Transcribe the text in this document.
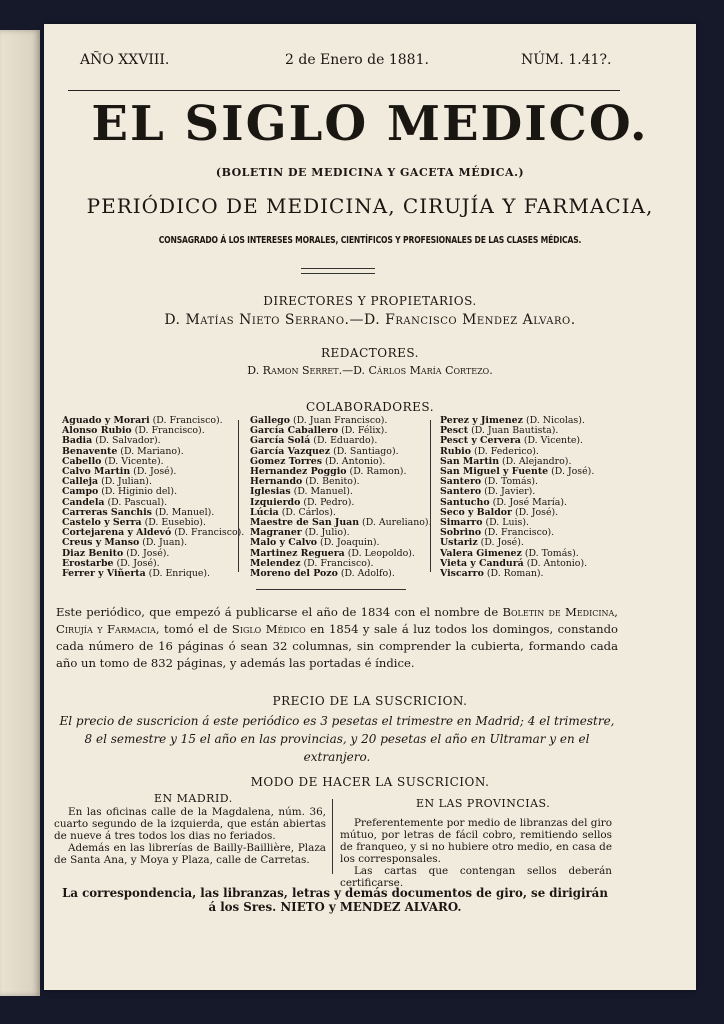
AÑO XXVIII.	2 de Enero de 1881.	NÚM. 1.41?.
EL SIGLO MEDICO.
(BOLETIN DE MEDICINA Y GACETA MÉDICA.)
PERIÓDICO DE MEDICINA, CIRUJÍA Y FARMACIA,
CONSAGRADO Á LOS INTERESES MORALES, CIENTÍFICOS Y PROFESIONALES DE LAS CLASES MÉDICAS.
DIRECTORES Y PROPIETARIOS.
D. Matías Nieto Serrano.—D. Francisco Mendez Alvaro.
REDACTORES.
D. Ramon Serret.—D. Cárlos María Cortezo.
COLABORADORES.
Aguado y Morari (D. Francisco).
Alonso Rubio (D. Francisco).
Badia (D. Salvador).
Benavente (D. Mariano).
Cabello (D. Vicente).
Calvo Martin (D. José).
Calleja (D. Julian).
Campo (D. Higinio del).
Candela (D. Pascual).
Carreras Sanchis (D. Manuel).
Castelo y Serra (D. Eusebio).
Cortejarena y Aldevó (D. Francisco).
Creus y Manso (D. Juan).
Diaz Benito (D. José).
Erostarbe (D. José).
Ferrer y Viñerta (D. Enrique).
Gallego (D. Juan Francisco).
García Caballero (D. Félix).
García Solá (D. Eduardo).
García Vazquez (D. Santiago).
Gomez Torres (D. Antonio).
Hernandez Poggio (D. Ramon).
Hernando (D. Benito).
Iglesias (D. Manuel).
Izquierdo (D. Pedro).
Lúcia (D. Cárlos).
Maestre de San Juan (D. Aureliano).
Magraner (D. Julio).
Malo y Calvo (D. Joaquin).
Martinez Reguera (D. Leopoldo).
Melendez (D. Francisco).
Moreno del Pozo (D. Adolfo).
Perez y Jimenez (D. Nicolas).
Pesct (D. Juan Bautista).
Pesct y Cervera (D. Vicente).
Rubio (D. Federico).
San Martin (D. Alejandro).
San Miguel y Fuente (D. José).
Santero (D. Tomás).
Santero (D. Javier).
Santucho (D. José María).
Seco y Baldor (D. José).
Simarro (D. Luis).
Sobrino (D. Francisco).
Ustariz (D. José).
Valera Gimenez (D. Tomás).
Vieta y Candurá (D. Antonio).
Viscarro (D. Roman).
Este periódico, que empezó á publicarse el año de 1834 con el nombre de Boletin de Medicina, Cirujía y Farmacia, tomó el de Siglo Médico en 1854 y sale á luz todos los domingos, constando cada número de 16 páginas ó sean 32 columnas, sin comprender la cubierta, formando cada año un tomo de 832 páginas, y además las portadas é índice.
PRECIO DE LA SUSCRICION.
El precio de suscricion á este periódico es 3 pesetas el trimestre en Madrid; 4 el trimestre, 8 el semestre y 15 el año en las provincias, y 20 pesetas el año en Ultramar y en el extranjero.
MODO DE HACER LA SUSCRICION.
EN MADRID.	EN LAS PROVINCIAS.
En las oficinas calle de la Magdalena, núm. 36, cuarto segundo de la izquierda, que están abiertas de nueve á tres todos los dias no feriados.
Además en las librerías de Bailly-Baillière, Plaza de Santa Ana, y Moya y Plaza, calle de Carretas.
Preferentemente por medio de libranzas del giro mútuo, por letras de fácil cobro, remitiendo sellos de franqueo, y si no hubiere otro medio, en casa de los corresponsales.
Las cartas que contengan sellos deberán certificarse.
La correspondencia, las libranzas, letras y demás documentos de giro, se dirigirán
á los Sres. NIETO y MENDEZ ALVARO.
